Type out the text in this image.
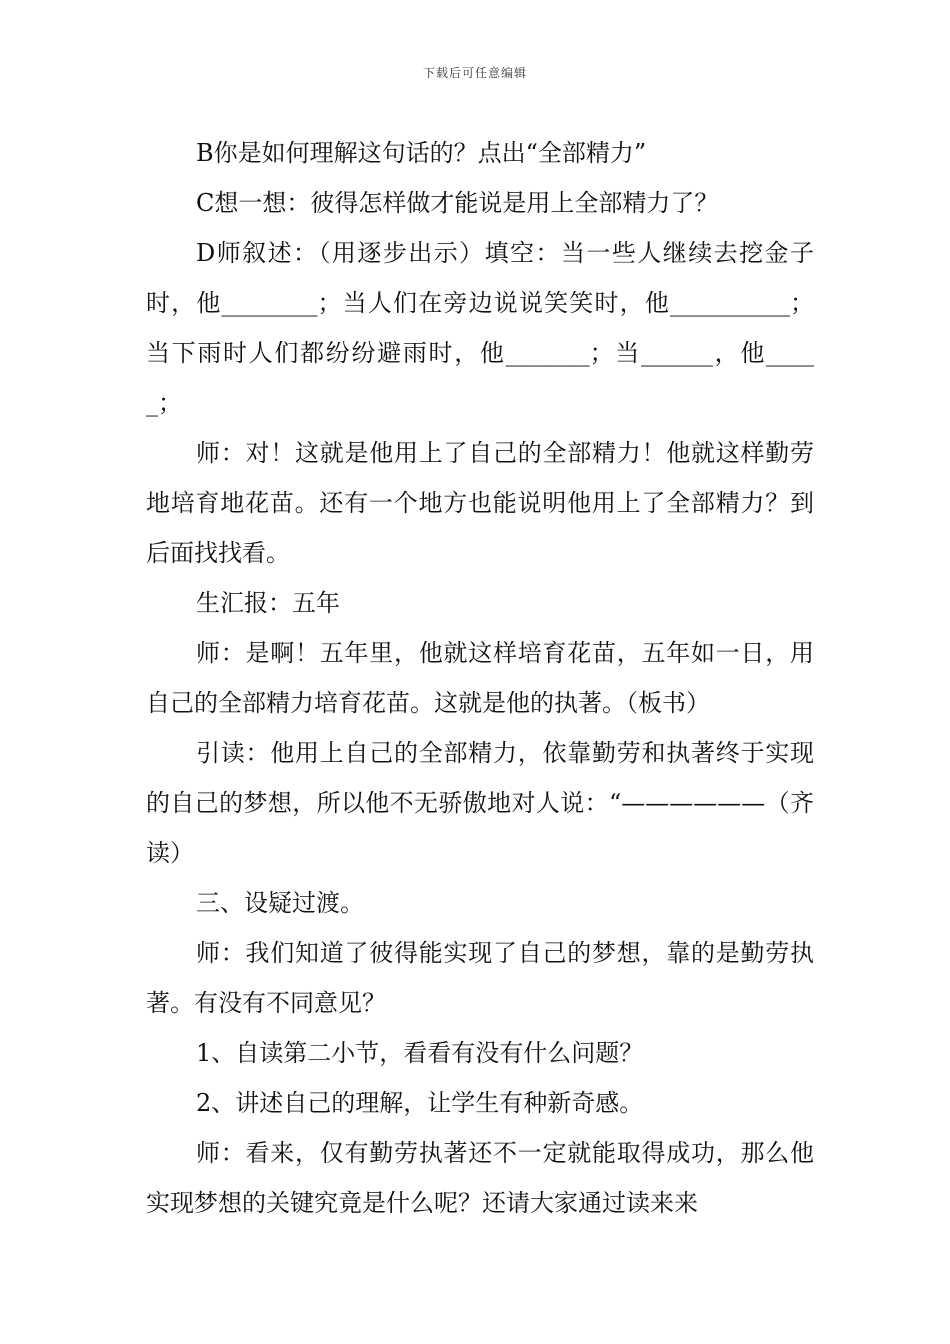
下载后可任意编辑

B你是如何理解这句话的？点出“全部精力”

C想一想：彼得怎样做才能说是用上全部精力了？

D师叙述：（用逐步出示）填空：当一些人继续去挖金子时，他________；当人们在旁边说说笑笑时，他__________；当下雨时人们都纷纷避雨时，他_______；当______，他_____；

师：对！这就是他用上了自己的全部精力！他就这样勤劳地培育地花苗。还有一个地方也能说明他用上了全部精力？到后面找找看。

生汇报：五年

师：是啊！五年里，他就这样培育花苗，五年如一日，用自己的全部精力培育花苗。这就是他的执著。（板书）

引读：他用上自己的全部精力，依靠勤劳和执著终于实现的自己的梦想，所以他不无骄傲地对人说：“——————（齐读）

三、设疑过渡。

师：我们知道了彼得能实现了自己的梦想，靠的是勤劳执著。有没有不同意见？

1、自读第二小节，看看有没有什么问题？

2、讲述自己的理解，让学生有种新奇感。

师：看来，仅有勤劳执著还不一定就能取得成功，那么他实现梦想的关键究竟是什么呢？还请大家通过读来来
